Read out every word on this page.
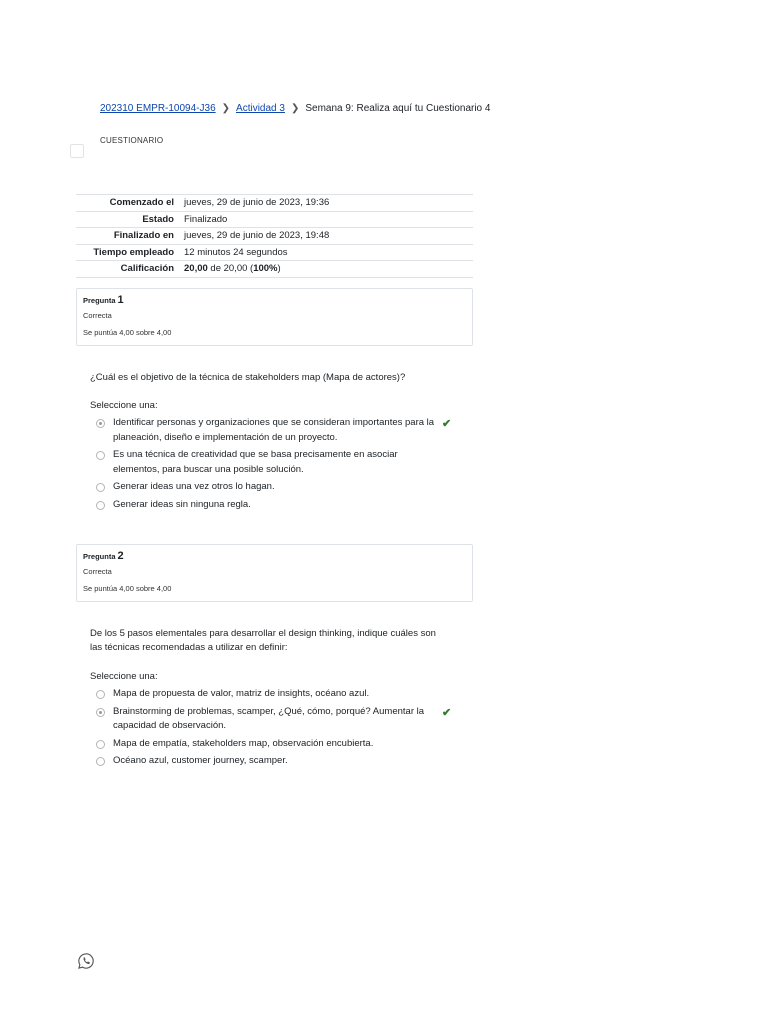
202310 EMPR-10094-J36 ❯ Actividad 3 ❯ Semana 9: Realiza aquí tu Cuestionario 4
CUESTIONARIO
Comenzado el	jueves, 29 de junio de 2023, 19:36
Estado	Finalizado
Finalizado en	jueves, 29 de junio de 2023, 19:48
Tiempo empleado	12 minutos 24 segundos
Calificación	20,00 de 20,00 (100%)
Pregunta 1
Correcta
Se puntúa 4,00 sobre 4,00
¿Cuál es el objetivo de la técnica de stakeholders map (Mapa de actores)?
Seleccione una:
Identificar personas y organizaciones que se consideran importantes para la planeación, diseño e implementación de un proyecto.
✔
Es una técnica de creatividad que se basa precisamente en asociar elementos, para buscar una posible solución.
Generar ideas una vez otros lo hagan.
Generar ideas sin ninguna regla.
Pregunta 2
Correcta
Se puntúa 4,00 sobre 4,00
De los 5 pasos elementales para desarrollar el design thinking, indique cuáles son las técnicas recomendadas a utilizar en definir:
Seleccione una:
Mapa de propuesta de valor, matriz de insights, océano azul.
Brainstorming de problemas, scamper, ¿Qué, cómo, porqué? Aumentar la capacidad de observación.
✔
Mapa de empatía, stakeholders map, observación encubierta.
Océano azul, customer journey, scamper.
